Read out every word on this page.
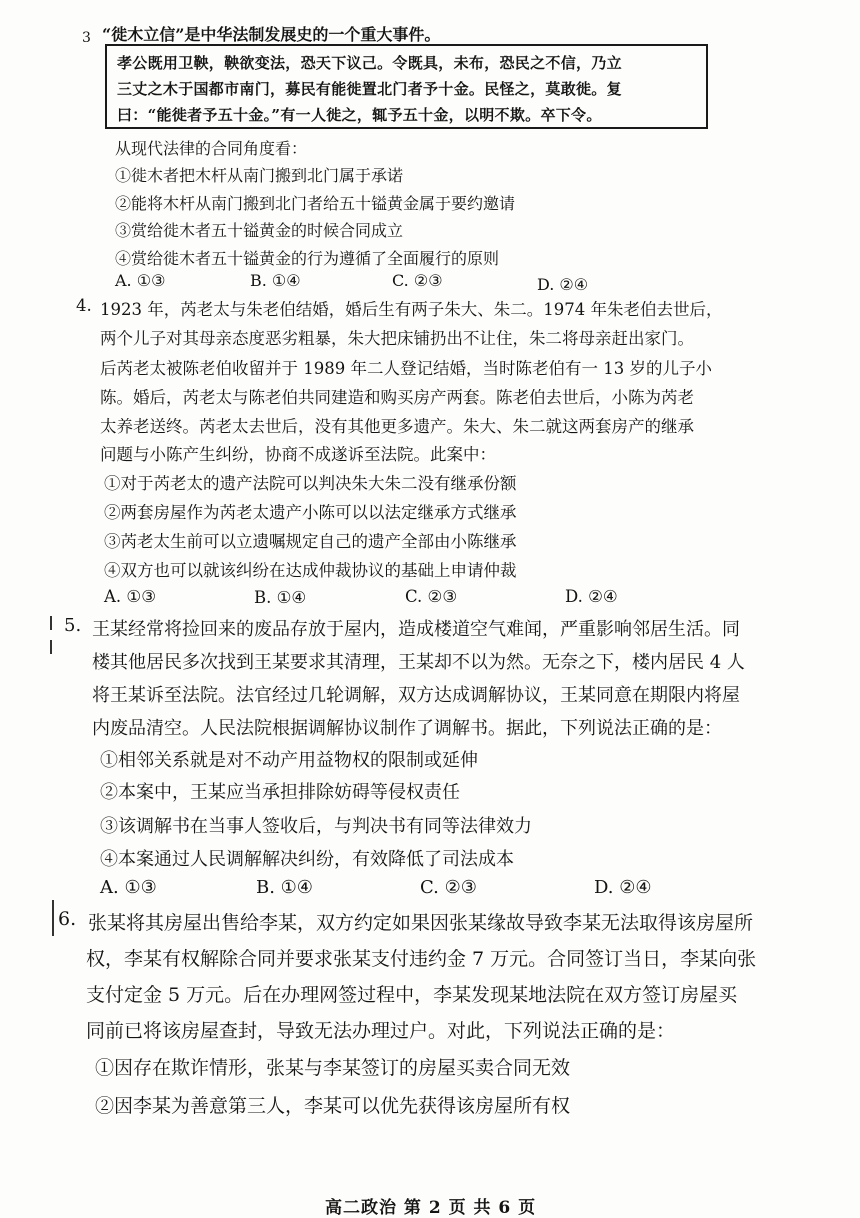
3 “徙木立信”是中华法制发展史的一个重大事件。
孝公既用卫鞅，鞅欲变法，恐天下议己。令既具，未布，恐民之不信，乃立
三丈之木于国都市南门，募民有能徙置北门者予十金。民怪之，莫敢徙。复
曰：“能徙者予五十金。”有一人徙之，辄予五十金，以明不欺。卒下令。
从现代法律的合同角度看：
①徙木者把木杆从南门搬到北门属于承诺
②能将木杆从南门搬到北门者给五十镒黄金属于要约邀请
③赏给徙木者五十镒黄金的时候合同成立
④赏给徙木者五十镒黄金的行为遵循了全面履行的原则
A. ①③	B. ①④	C. ②③	D. ②④
4. 1923 年，芮老太与朱老伯结婚，婚后生有两子朱大、朱二。1974 年朱老伯去世后，
两个儿子对其母亲态度恶劣粗暴，朱大把床铺扔出不让住，朱二将母亲赶出家门。
后芮老太被陈老伯收留并于 1989 年二人登记结婚，当时陈老伯有一 13 岁的儿子小
陈。婚后，芮老太与陈老伯共同建造和购买房产两套。陈老伯去世后，小陈为芮老
太养老送终。芮老太去世后，没有其他更多遗产。朱大、朱二就这两套房产的继承
问题与小陈产生纠纷，协商不成遂诉至法院。此案中：
①对于芮老太的遗产法院可以判决朱大朱二没有继承份额
②两套房屋作为芮老太遗产小陈可以以法定继承方式继承
③芮老太生前可以立遗嘱规定自己的遗产全部由小陈继承
④双方也可以就该纠纷在达成仲裁协议的基础上申请仲裁
A. ①③	B. ①④	C. ②③	D. ②④
5. 王某经常将捡回来的废品存放于屋内，造成楼道空气难闻，严重影响邻居生活。同
楼其他居民多次找到王某要求其清理，王某却不以为然。无奈之下，楼内居民 4 人
将王某诉至法院。法官经过几轮调解，双方达成调解协议，王某同意在期限内将屋
内废品清空。人民法院根据调解协议制作了调解书。据此，下列说法正确的是：
①相邻关系就是对不动产用益物权的限制或延伸
②本案中，王某应当承担排除妨碍等侵权责任
③该调解书在当事人签收后，与判决书有同等法律效力
④本案通过人民调解解决纠纷，有效降低了司法成本
A. ①③	B. ①④	C. ②③	D. ②④
6. 张某将其房屋出售给李某，双方约定如果因张某缘故导致李某无法取得该房屋所
权，李某有权解除合同并要求张某支付违约金 7 万元。合同签订当日，李某向张
支付定金 5 万元。后在办理网签过程中，李某发现某地法院在双方签订房屋买
同前已将该房屋查封，导致无法办理过户。对此，下列说法正确的是：
①因存在欺诈情形，张某与李某签订的房屋买卖合同无效
②因李某为善意第三人，李某可以优先获得该房屋所有权
高二政治 第 2 页 共 6 页
